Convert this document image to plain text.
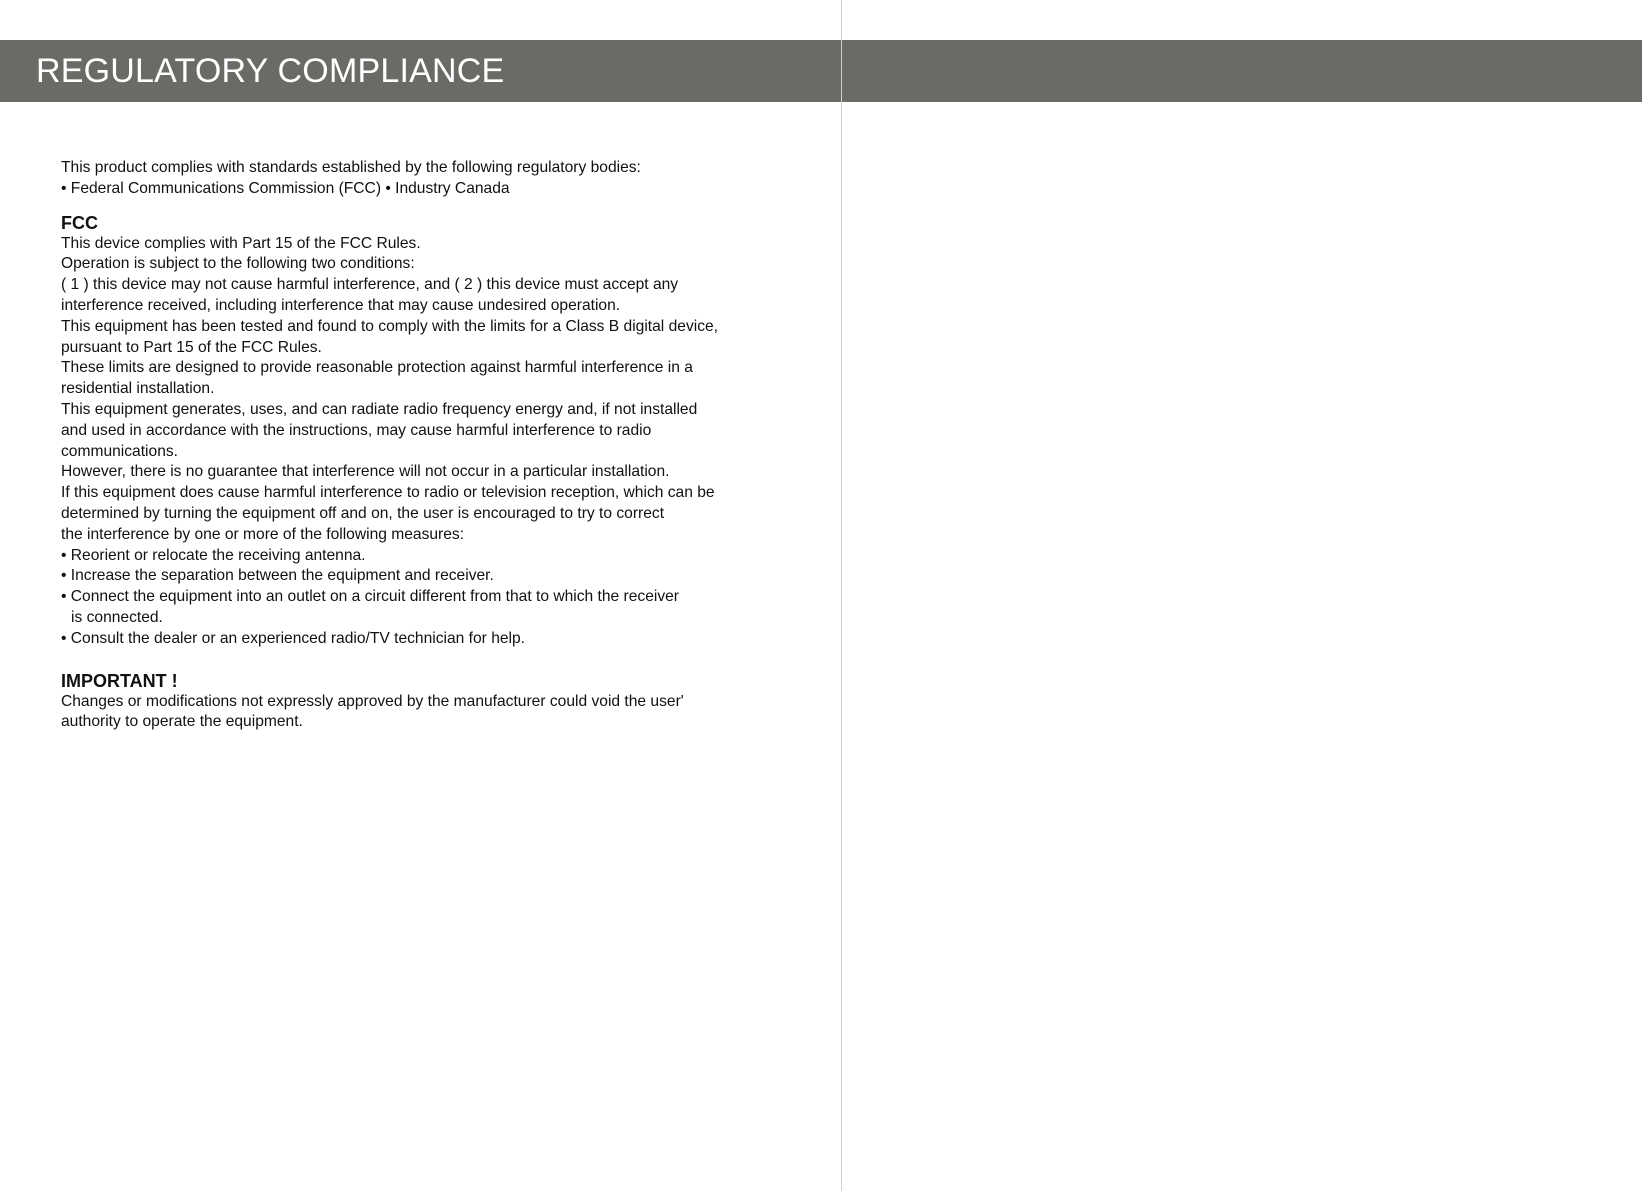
REGULATORY COMPLIANCE

This product complies with standards established by the following regulatory bodies:

• Federal Communications Commission (FCC) • Industry Canada

FCC

This device complies with Part 15 of the FCC Rules.

Operation is subject to the following two conditions:

( 1 ) this device may not cause harmful interference, and ( 2 ) this device must accept any

interference received, including interference that may cause undesired operation.

This equipment has been tested and found to comply with the limits for a Class B digital device,

pursuant to Part 15 of the FCC Rules.

These limits are designed to provide reasonable protection against harmful interference in a

residential installation.

This equipment generates, uses, and can radiate radio frequency energy and, if not installed

and used in accordance with the instructions, may cause harmful interference to radio

communications.

However, there is no guarantee that interference will not occur in a particular installation.

If this equipment does cause harmful interference to radio or television reception, which can be

determined by turning the equipment off and on, the user is encouraged to try to correct

the interference by one or more of the following measures:

• Reorient or relocate the receiving antenna.

• Increase the separation between the equipment and receiver.

• Connect the equipment into an outlet on a circuit different from that to which the receiver

is connected.

• Consult the dealer or an experienced radio/TV technician for help.

IMPORTANT !

Changes or modifications not expressly approved by the manufacturer could void the user'

authority to operate the equipment.
